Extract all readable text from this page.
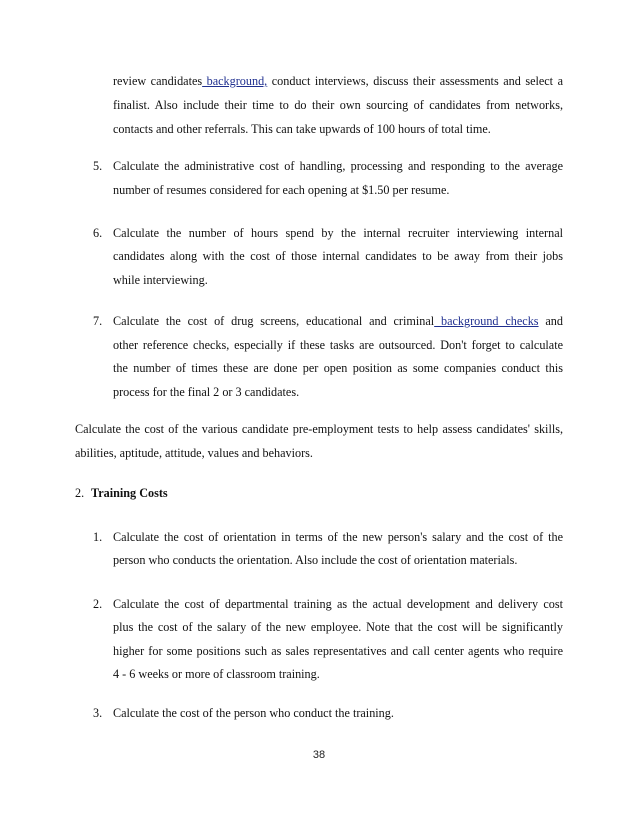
review candidates background, conduct interviews, discuss their assessments and select a
finalist. Also include their time to do their own sourcing of candidates from networks,
contacts and other referrals. This can take upwards of 100 hours of total time.
5. Calculate the administrative cost of handling, processing and responding to the average
number of resumes considered for each opening at $1.50 per resume.
6. Calculate the number of hours spend by the internal recruiter interviewing internal
candidates along with the cost of those internal candidates to be away from their jobs
while interviewing.
7. Calculate the cost of drug screens, educational and criminal background checks and
other reference checks, especially if these tasks are outsourced. Don't forget to calculate
the number of times these are done per open position as some companies conduct this
process for the final 2 or 3 candidates.
Calculate the cost of the various candidate pre-employment tests to help assess candidates' skills,
abilities, aptitude, attitude, values and behaviors.
2. Training Costs
1. Calculate the cost of orientation in terms of the new person's salary and the cost of the
person who conducts the orientation. Also include the cost of orientation materials.
2. Calculate the cost of departmental training as the actual development and delivery cost
plus the cost of the salary of the new employee. Note that the cost will be significantly
higher for some positions such as sales representatives and call center agents who require
4 - 6 weeks or more of classroom training.
3. Calculate the cost of the person who conduct the training.
38
